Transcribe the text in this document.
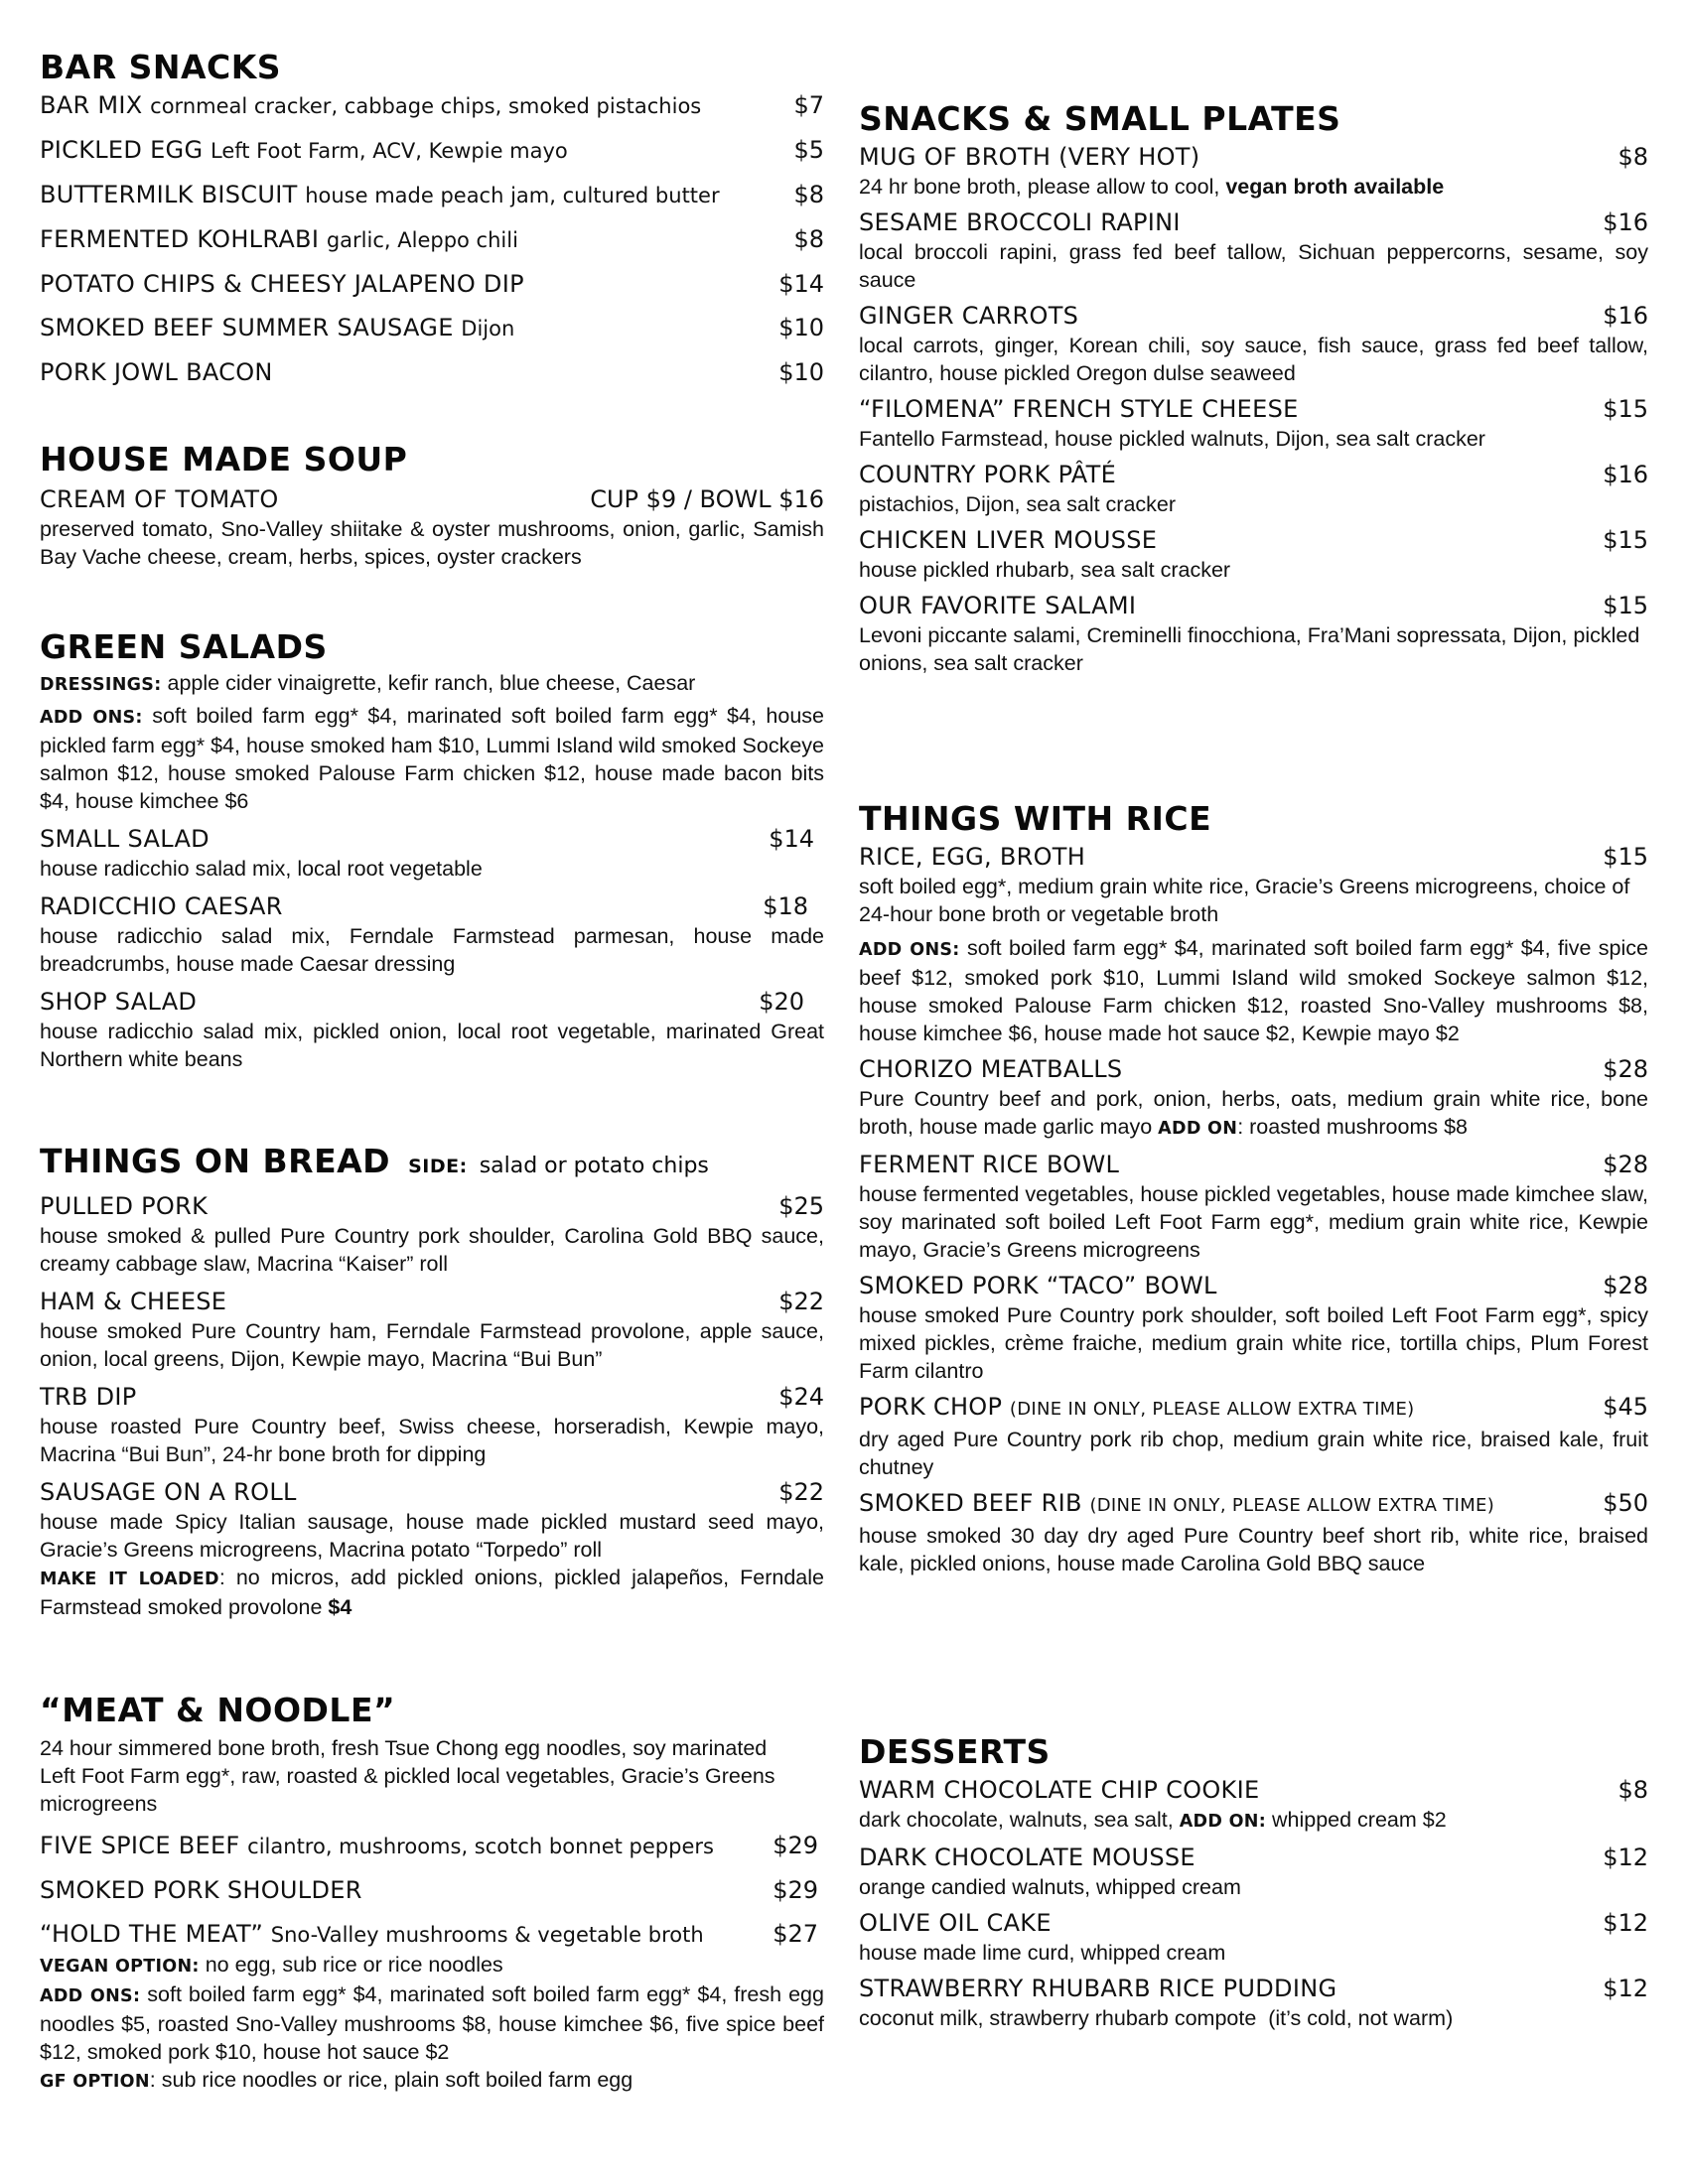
BAR SNACKS
BAR MIX cornmeal cracker, cabbage chips, smoked pistachios	$7
PICKLED EGG Left Foot Farm, ACV, Kewpie mayo	$5
BUTTERMILK BISCUIT house made peach jam, cultured butter	$8
FERMENTED KOHLRABI garlic, Aleppo chili	$8
POTATO CHIPS & CHEESY JALAPENO DIP	$14
SMOKED BEEF SUMMER SAUSAGE Dijon	$10
PORK JOWL BACON	$10
HOUSE MADE SOUP
CREAM OF TOMATO	CUP $9 / BOWL $16

preserved tomato, Sno-Valley shiitake & oyster mushrooms, onion, garlic, Samish Bay Vache cheese, cream, herbs, spices, oyster crackers

GREEN SALADS

DRESSINGS: apple cider vinaigrette, kefir ranch, blue cheese, Caesar

ADD ONS: soft boiled farm egg* $4, marinated soft boiled farm egg* $4, house pickled farm egg* $4, house smoked ham $10, Lummi Island wild smoked Sockeye salmon $12, house smoked Palouse Farm chicken $12, house made bacon bits $4, house kimchee $6

SMALL SALAD	$14

house radicchio salad mix, local root vegetable

RADICCHIO CAESAR	$18

house radicchio salad mix, Ferndale Farmstead parmesan, house made breadcrumbs, house made Caesar dressing

SHOP SALAD	$20

house radicchio salad mix, pickled onion, local root vegetable, marinated Great Northern white beans

THINGS ON BREAD SIDE: salad or potato chips
PULLED PORK	$25

house smoked & pulled Pure Country pork shoulder, Carolina Gold BBQ sauce, creamy cabbage slaw, Macrina “Kaiser” roll

HAM & CHEESE	$22

house smoked Pure Country ham, Ferndale Farmstead provolone, apple sauce, onion, local greens, Dijon, Kewpie mayo, Macrina “Bui Bun”

TRB DIP	$24

house roasted Pure Country beef, Swiss cheese, horseradish, Kewpie mayo, Macrina “Bui Bun”, 24-hr bone broth for dipping

SAUSAGE ON A ROLL	$22

house made Spicy Italian sausage, house made pickled mustard seed mayo, Gracie’s Greens microgreens, Macrina potato “Torpedo” roll

MAKE IT LOADED: no micros, add pickled onions, pickled jalapeños, Ferndale Farmstead smoked provolone $4

“MEAT & NOODLE”

24 hour simmered bone broth, fresh Tsue Chong egg noodles, soy marinated Left Foot Farm egg*, raw, roasted & pickled local vegetables, Gracie’s Greens microgreens

FIVE SPICE BEEF cilantro, mushrooms, scotch bonnet peppers	$29
SMOKED PORK SHOULDER	$29
“HOLD THE MEAT” Sno-Valley mushrooms & vegetable broth	$27

VEGAN OPTION: no egg, sub rice or rice noodles

ADD ONS: soft boiled farm egg* $4, marinated soft boiled farm egg* $4, fresh egg noodles $5, roasted Sno-Valley mushrooms $8, house kimchee $6, five spice beef $12, smoked pork $10, house hot sauce $2

GF OPTION: sub rice noodles or rice, plain soft boiled farm egg

SNACKS & SMALL PLATES
MUG OF BROTH (VERY HOT)	$8

24 hr bone broth, please allow to cool, vegan broth available

SESAME BROCCOLI RAPINI	$16

local broccoli rapini, grass fed beef tallow, Sichuan peppercorns, sesame, soy sauce

GINGER CARROTS	$16

local carrots, ginger, Korean chili, soy sauce, fish sauce, grass fed beef tallow, cilantro, house pickled Oregon dulse seaweed

“FILOMENA” FRENCH STYLE CHEESE	$15

Fantello Farmstead, house pickled walnuts, Dijon, sea salt cracker

COUNTRY PORK PÂTÉ	$16

pistachios, Dijon, sea salt cracker

CHICKEN LIVER MOUSSE	$15

house pickled rhubarb, sea salt cracker

OUR FAVORITE SALAMI	$15

Levoni piccante salami, Creminelli finocchiona, Fra’Mani sopressata, Dijon, pickled onions, sea salt cracker

THINGS WITH RICE
RICE, EGG, BROTH	$15

soft boiled egg*, medium grain white rice, Gracie’s Greens microgreens, choice of 24-hour bone broth or vegetable broth

ADD ONS: soft boiled farm egg* $4, marinated soft boiled farm egg* $4, five spice beef $12, smoked pork $10, Lummi Island wild smoked Sockeye salmon $12, house smoked Palouse Farm chicken $12, roasted Sno-Valley mushrooms $8, house kimchee $6, house made hot sauce $2, Kewpie mayo $2

CHORIZO MEATBALLS	$28

Pure Country beef and pork, onion, herbs, oats, medium grain white rice, bone broth, house made garlic mayo ADD ON: roasted mushrooms $8

FERMENT RICE BOWL	$28

house fermented vegetables, house pickled vegetables, house made kimchee slaw, soy marinated soft boiled Left Foot Farm egg*, medium grain white rice, Kewpie mayo, Gracie’s Greens microgreens

SMOKED PORK “TACO” BOWL	$28

house smoked Pure Country pork shoulder, soft boiled Left Foot Farm egg*, spicy mixed pickles, crème fraiche, medium grain white rice, tortilla chips, Plum Forest Farm cilantro

PORK CHOP (DINE IN ONLY, PLEASE ALLOW EXTRA TIME)	$45

dry aged Pure Country pork rib chop, medium grain white rice, braised kale, fruit chutney

SMOKED BEEF RIB (DINE IN ONLY, PLEASE ALLOW EXTRA TIME)	$50

house smoked 30 day dry aged Pure Country beef short rib, white rice, braised kale, pickled onions, house made Carolina Gold BBQ sauce

DESSERTS
WARM CHOCOLATE CHIP COOKIE	$8

dark chocolate, walnuts, sea salt, ADD ON: whipped cream $2

DARK CHOCOLATE MOUSSE	$12

orange candied walnuts, whipped cream

OLIVE OIL CAKE	$12

house made lime curd, whipped cream

STRAWBERRY RHUBARB RICE PUDDING	$12

coconut milk, strawberry rhubarb compote  (it’s cold, not warm)
